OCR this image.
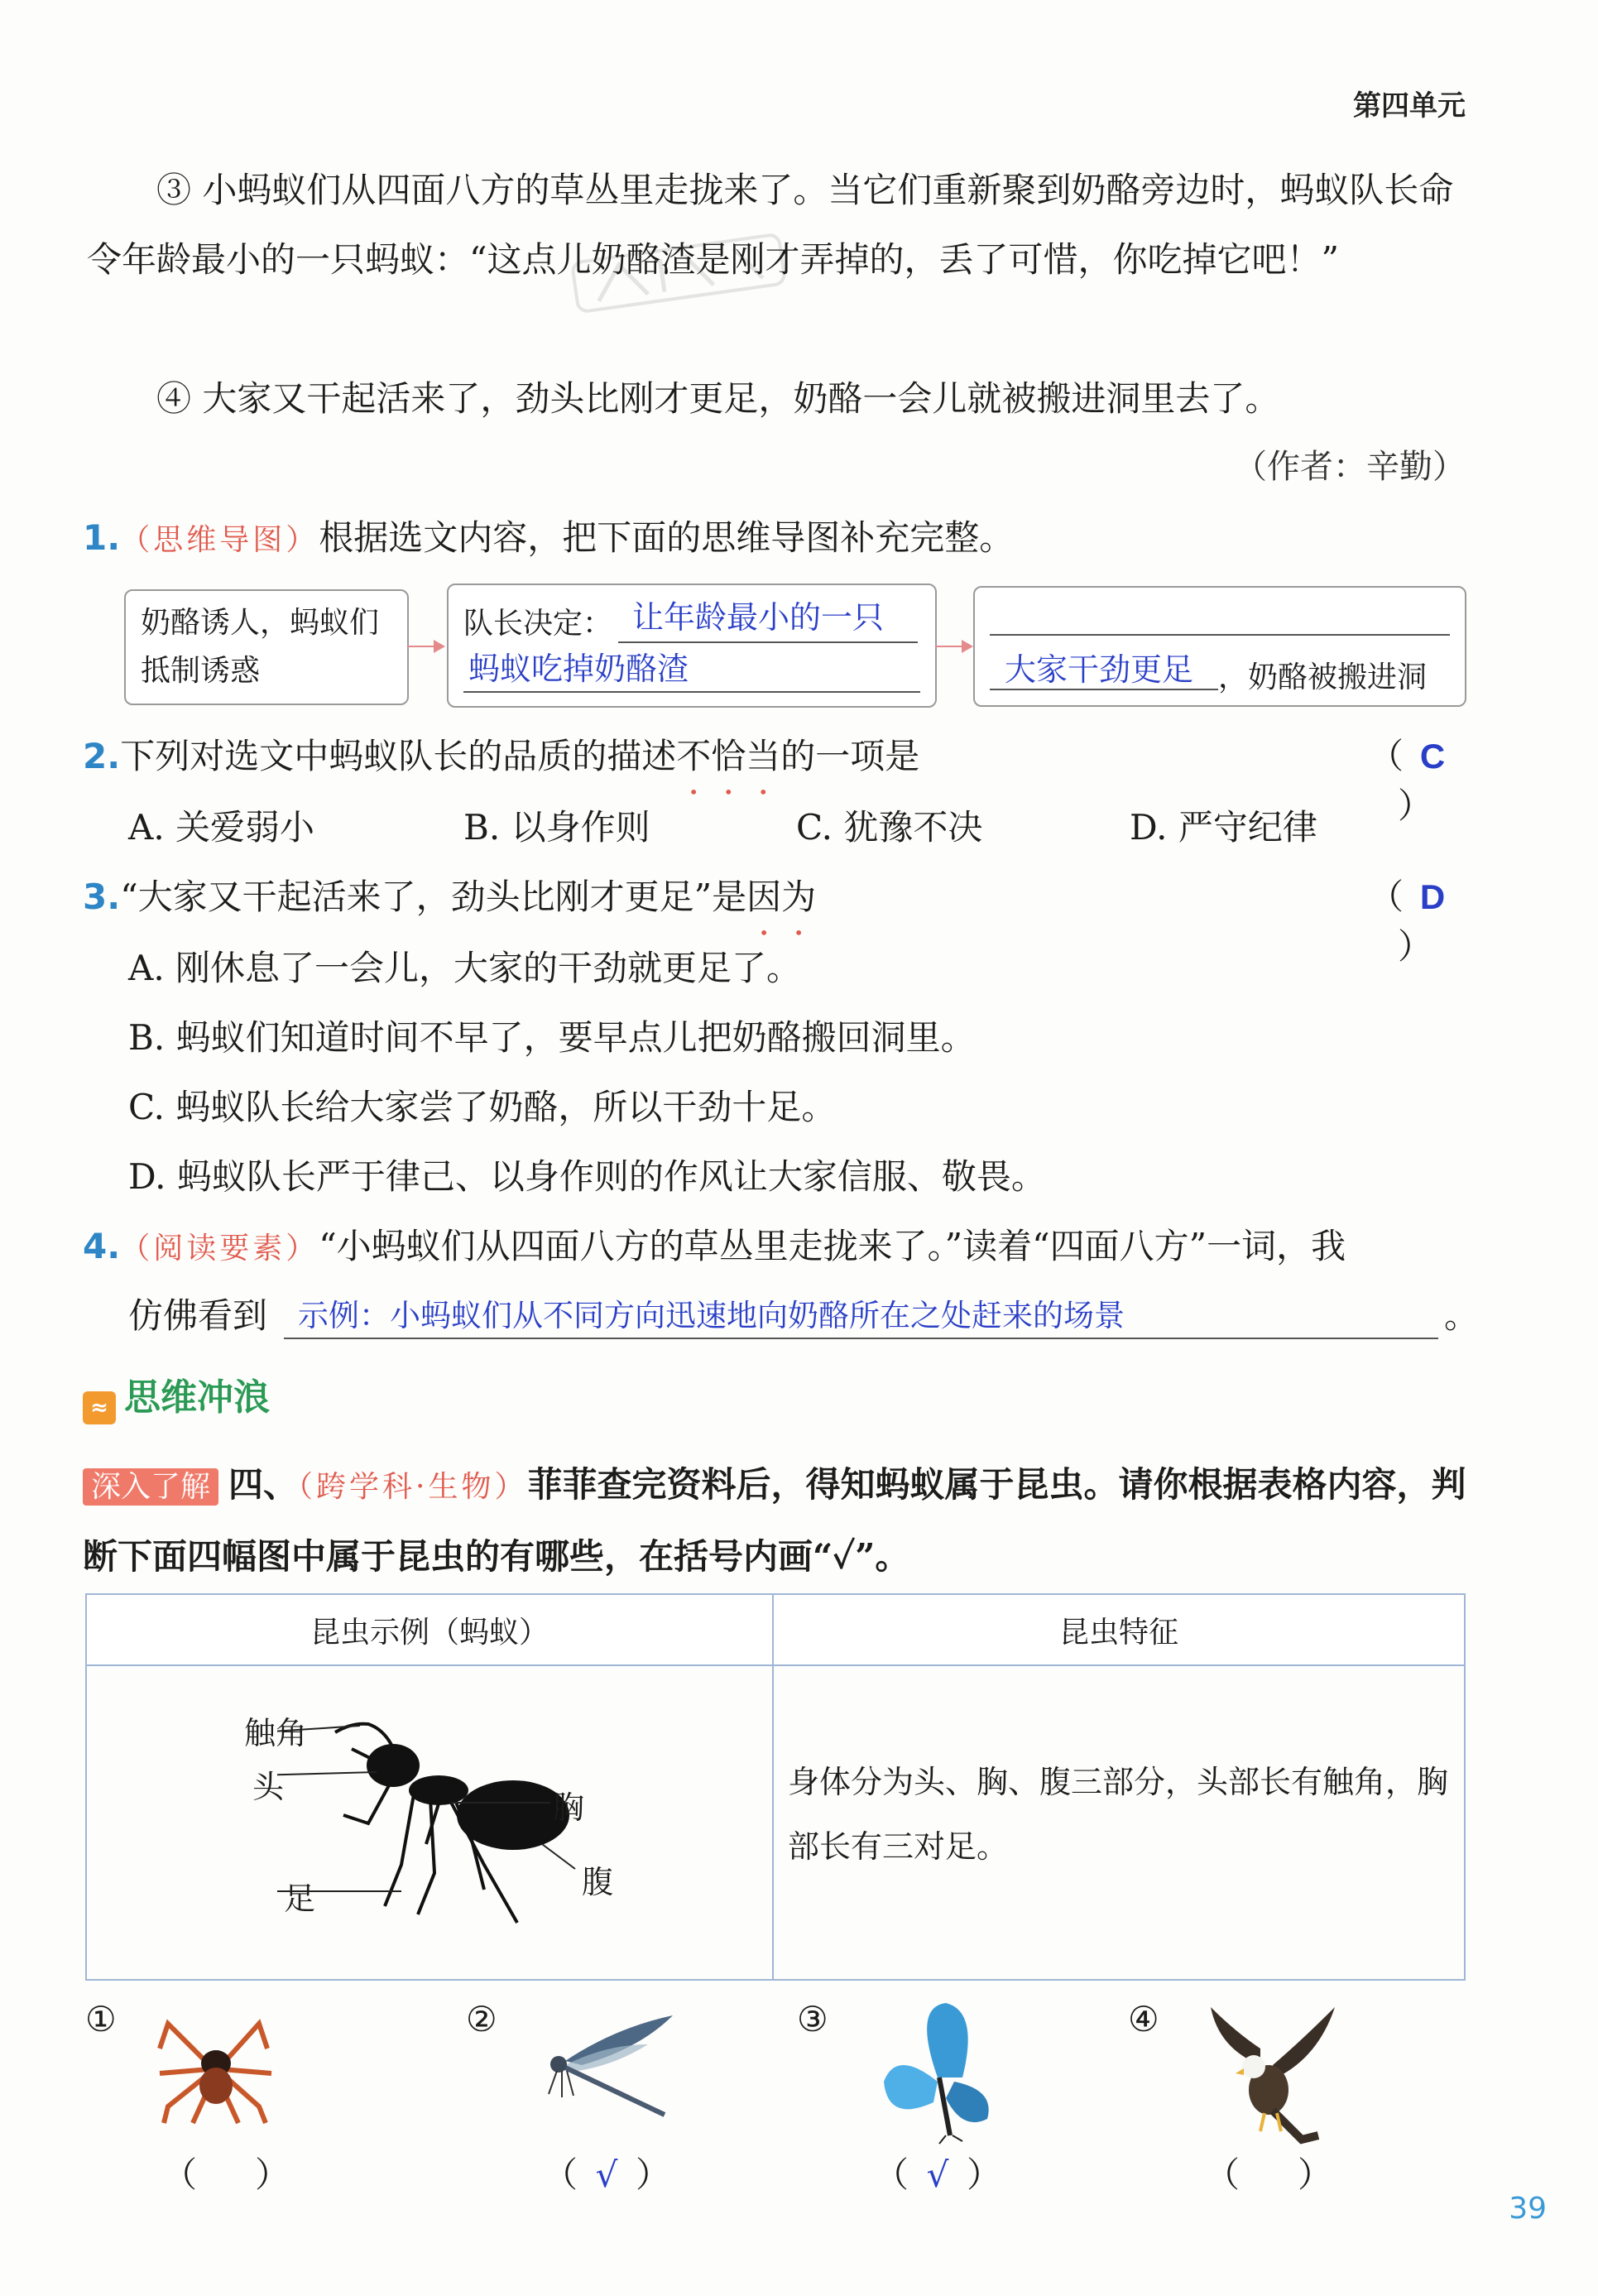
第四单元
③ 小蚂蚁们从四面八方的草丛里走拢来了。当它们重新聚到奶酪旁边时，蚂蚁队长命令年龄最小的一只蚂蚁：“这点儿奶酪渣是刚才弄掉的，丢了可惜，你吃掉它吧！”
④ 大家又干起活来了，劲头比刚才更足，奶酪一会儿就被搬进洞里去了。
（作者：辛勤）
1.（思维导图）根据选文内容，把下面的思维导图补充完整。
奶酪诱人，蚂蚁们抵制诱惑
队长决定： 让年龄最小的一只
蚂蚁吃掉奶酪渣	大家干劲更足 ，奶酪被搬进洞
2.下列对选文中蚂蚁队长的品质的描述不恰当的一项是	（ C）
A. 关爱弱小	B. 以身作则	C. 犹豫不决	D. 严守纪律
3.“大家又干起活来了，劲头比刚才更足”是因为	（ D）
A. 刚休息了一会儿，大家的干劲就更足了。
B. 蚂蚁们知道时间不早了，要早点儿把奶酪搬回洞里。
C. 蚂蚁队长给大家尝了奶酪，所以干劲十足。
D. 蚂蚁队长严于律己、以身作则的作风让大家信服、敬畏。
4.（阅读要素）“小蚂蚁们从四面八方的草丛里走拢来了。”读着“四面八方”一词，我
仿佛看到 示例：小蚂蚁们从不同方向迅速地向奶酪所在之处赶来的场景	。
≈ 思维冲浪
深入了解 四、（跨学科·生物）菲菲查完资料后，得知蚂蚁属于昆虫。请你根据表格内容，判断下面四幅图中属于昆虫的有哪些，在括号内画“✓”。
昆虫示例（蚂蚁）	昆虫特征

触角
头
胸
腹
足	身体分为头、胸、腹三部分，头部长有触角，胸部长有三对足。
①
（ ）
②
（ √ ）
③
（ √ ）
④
（ ）
39
